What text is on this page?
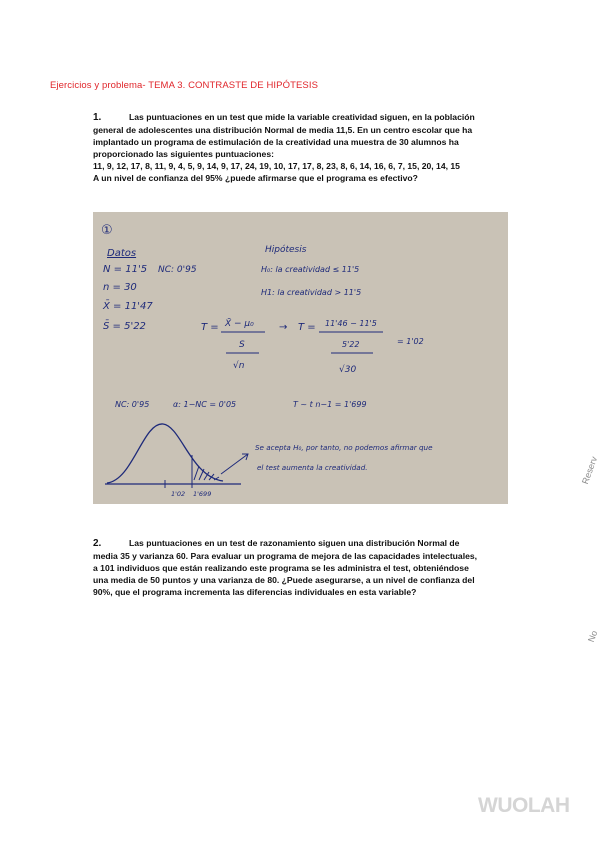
Ejercicios y problema- TEMA 3. CONTRASTE DE HIPÓTESIS

1.	Las puntuaciones en un test que mide la variable creatividad siguen, en la población

general de adolescentes una distribución Normal de media 11,5. En un centro escolar que ha

implantado un programa de estimulación de la creatividad una muestra de 30 alumnos ha

proporcionado las siguientes puntuaciones:

11, 9, 12, 17, 8, 11, 9, 4, 5, 9, 14, 9, 17, 24, 19, 10, 17, 17, 8, 23, 8, 6, 14, 16, 6, 7, 15, 20, 14, 15

A un nivel de confianza del 95% ¿puede afirmarse que el programa es efectivo?

①
Datos
N = 11'5
n = 30
X̄ = 11'47
S̄ = 5'22
NC: 0'95
Hipótesis
H₀: la creatividad ≤ 11'5
H1: la creatividad > 11'5
T = X̄ − μ₀
S
√n
→ T = 11'46 − 11'5
5'22
√30
= 1'02
NC: 0'95	α: 1−NC = 0'05	T ~ t n−1 = 1'699
1'02 1'699
Se acepta H₀, por tanto, no podemos afirmar que
el test aumenta la creatividad.

2.	Las puntuaciones en un test de razonamiento siguen una distribución Normal de

media 35 y varianza 60. Para evaluar un programa de mejora de las capacidades intelectuales,

a 101 individuos que están realizando este programa se les administra el test, obteniéndose

una media de 50 puntos y una varianza de 80. ¿Puede asegurarse, a un nivel de confianza del

90%, que el programa incrementa las diferencias individuales en esta variable?

Reserv
No
WUOLAH
